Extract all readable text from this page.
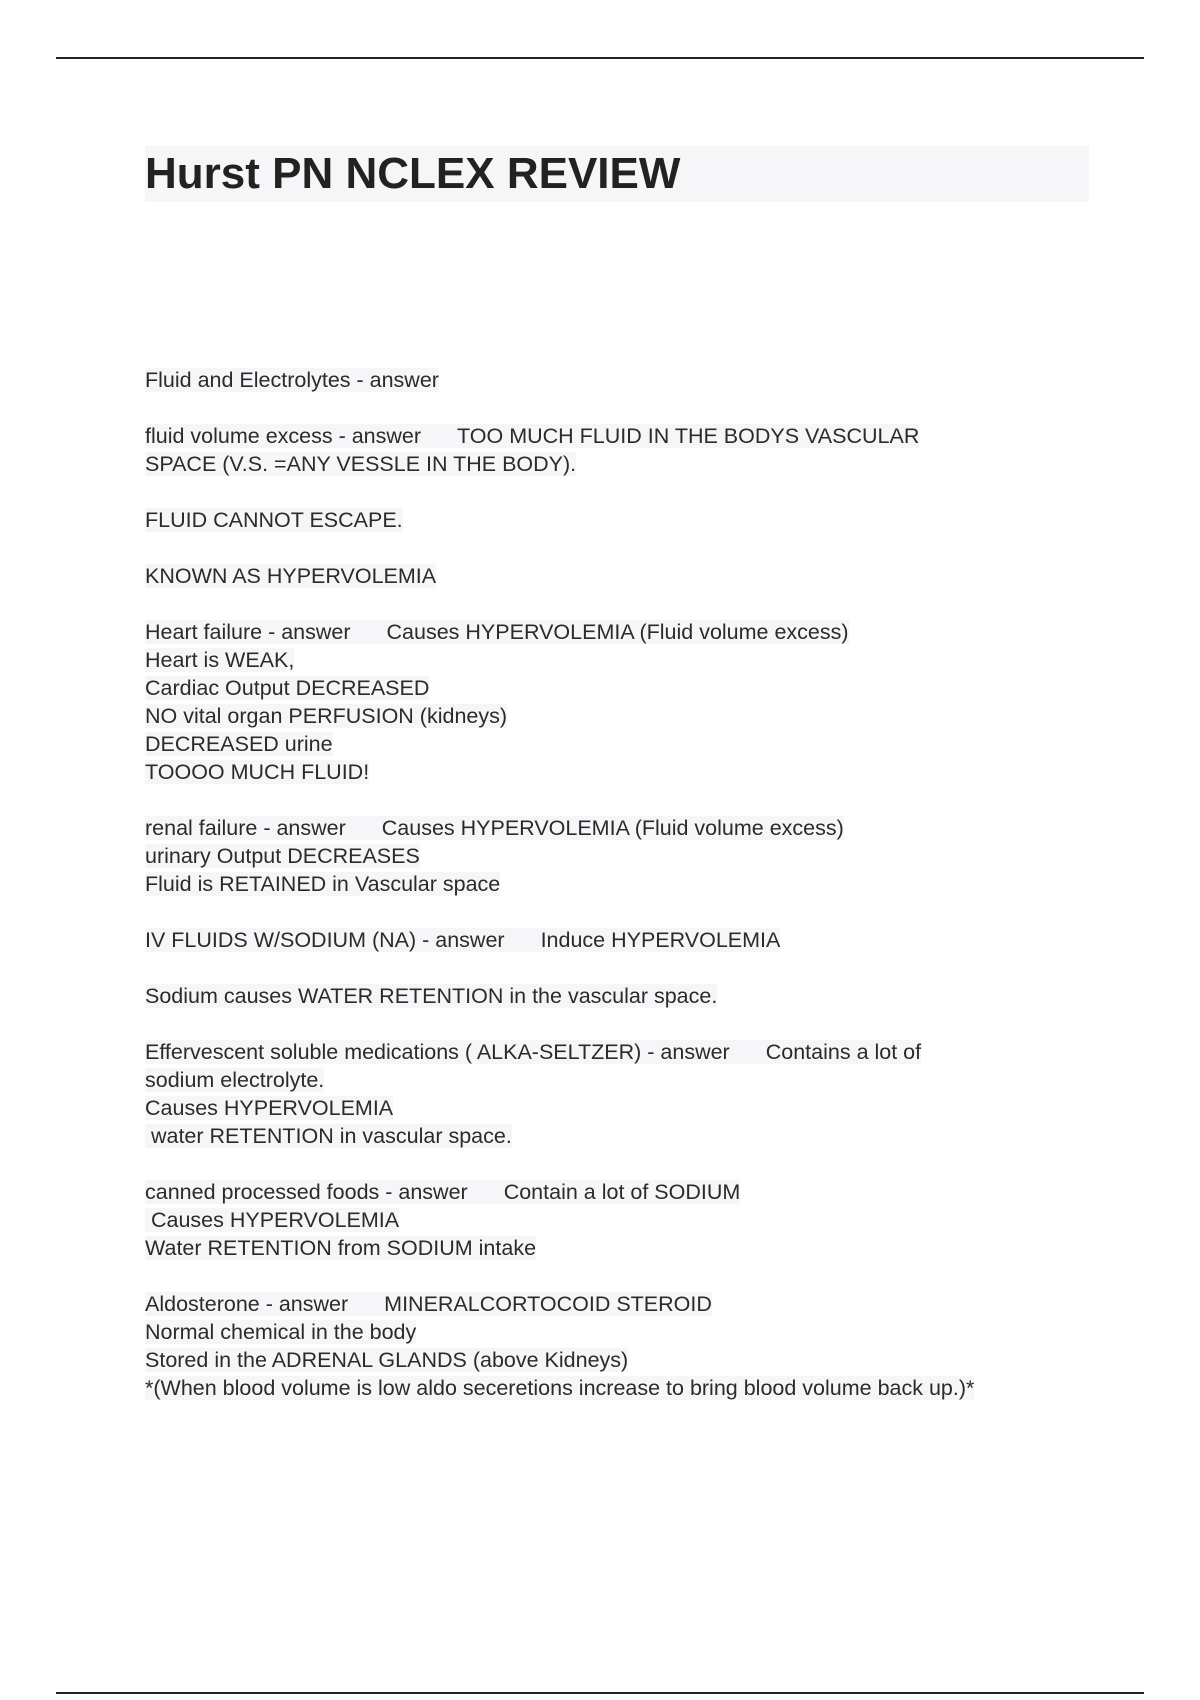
Hurst PN NCLEX REVIEW
Fluid and Electrolytes - answer
fluid volume excess - answer TOO MUCH FLUID IN THE BODYS VASCULAR
SPACE (V.S. =ANY VESSLE IN THE BODY).
FLUID CANNOT ESCAPE.
KNOWN AS HYPERVOLEMIA
Heart failure - answer Causes HYPERVOLEMIA (Fluid volume excess)
Heart is WEAK,
Cardiac Output DECREASED
NO vital organ PERFUSION (kidneys)
DECREASED urine
TOOOO MUCH FLUID!
renal failure - answer Causes HYPERVOLEMIA (Fluid volume excess)
urinary Output DECREASES
Fluid is RETAINED in Vascular space
IV FLUIDS W/SODIUM (NA) - answer Induce HYPERVOLEMIA
Sodium causes WATER RETENTION in the vascular space.
Effervescent soluble medications ( ALKA-SELTZER) - answer Contains a lot of
sodium electrolyte.
Causes HYPERVOLEMIA
water RETENTION in vascular space.
canned processed foods - answer Contain a lot of SODIUM
Causes HYPERVOLEMIA
Water RETENTION from SODIUM intake
Aldosterone - answer MINERALCORTOCOID STEROID
Normal chemical in the body
Stored in the ADRENAL GLANDS (above Kidneys)
*(When blood volume is low aldo seceretions increase to bring blood volume back up.)*
